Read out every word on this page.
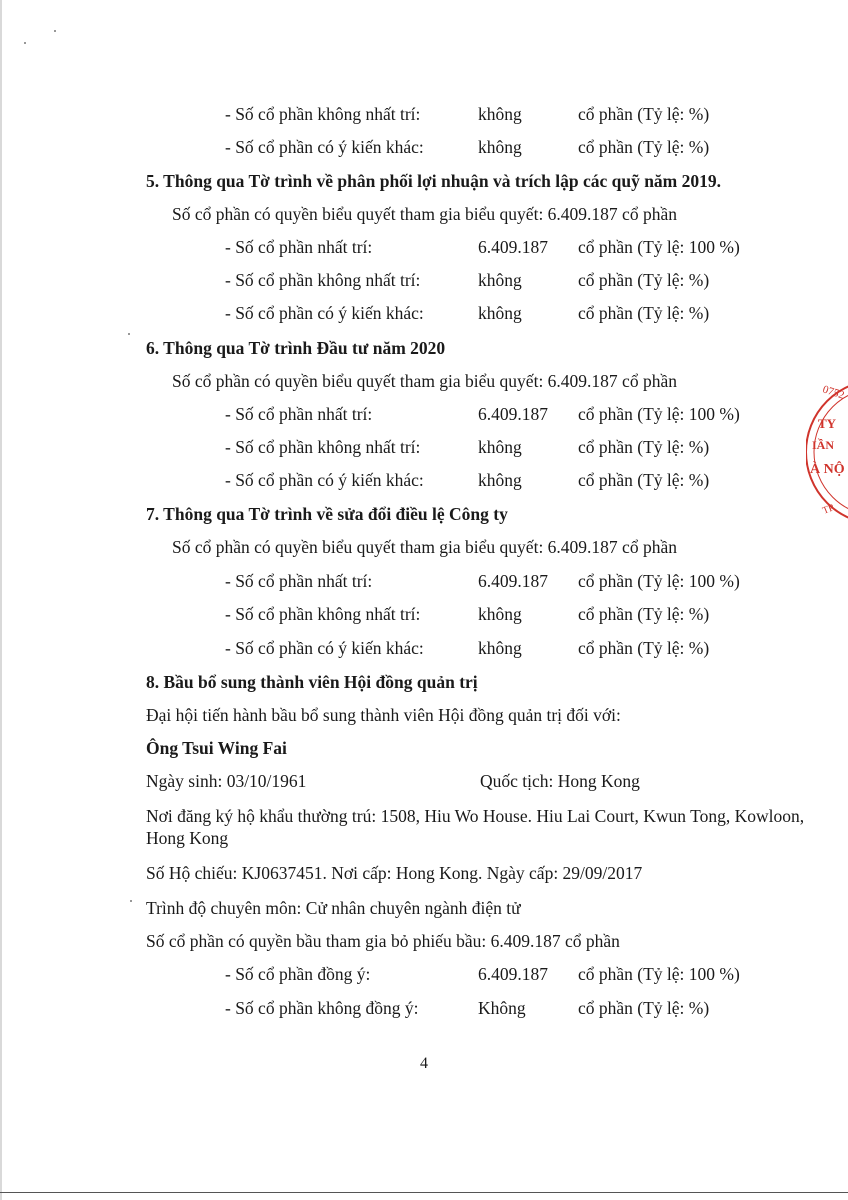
- Số cổ phần không nhất trí:	không	cổ phần (Tỷ lệ: %)
- Số cổ phần có ý kiến khác:	không	cổ phần (Tỷ lệ: %)
5. Thông qua Tờ trình về phân phối lợi nhuận và trích lập các quỹ năm 2019.
Số cổ phần có quyền biểu quyết tham gia biểu quyết: 6.409.187 cổ phần
- Số cổ phần nhất trí:	6.409.187 cổ phần (Tỷ lệ: 100 %)
- Số cổ phần không nhất trí:	không	cổ phần (Tỷ lệ: %)
- Số cổ phần có ý kiến khác:	không	cổ phần (Tỷ lệ: %)
6. Thông qua Tờ trình Đầu tư năm 2020
Số cổ phần có quyền biểu quyết tham gia biểu quyết: 6.409.187 cổ phần
- Số cổ phần nhất trí:	6.409.187 cổ phần (Tỷ lệ: 100 %)
- Số cổ phần không nhất trí:	không	cổ phần (Tỷ lệ: %)
- Số cổ phần có ý kiến khác:	không	cổ phần (Tỷ lệ: %)
7. Thông qua Tờ trình về sửa đổi điều lệ Công ty
Số cổ phần có quyền biểu quyết tham gia biểu quyết: 6.409.187 cổ phần
- Số cổ phần nhất trí:	6.409.187 cổ phần (Tỷ lệ: 100 %)
- Số cổ phần không nhất trí:	không	cổ phần (Tỷ lệ: %)
- Số cổ phần có ý kiến khác:	không	cổ phần (Tỷ lệ: %)
8. Bầu bổ sung thành viên Hội đồng quản trị
Đại hội tiến hành bầu bổ sung thành viên Hội đồng quản trị đối với:
Ông Tsui Wing Fai
Ngày sinh: 03/10/1961	Quốc tịch: Hong Kong
Nơi đăng ký hộ khẩu thường trú: 1508, Hiu Wo House. Hiu Lai Court, Kwun Tong, Kowloon, Hong Kong
Số Hộ chiếu: KJ0637451. Nơi cấp: Hong Kong. Ngày cấp: 29/09/2017
Trình độ chuyên môn: Cử nhân chuyên ngành điện tử
Số cổ phần có quyền bầu tham gia bỏ phiếu bầu: 6.409.187 cổ phần
- Số cổ phần đồng ý:	6.409.187 cổ phần (Tỷ lệ: 100 %)
- Số cổ phần không đồng ý:	Không	cổ phần (Tỷ lệ: %)
4
0752
TY
IẦN
À NỘ
TP
